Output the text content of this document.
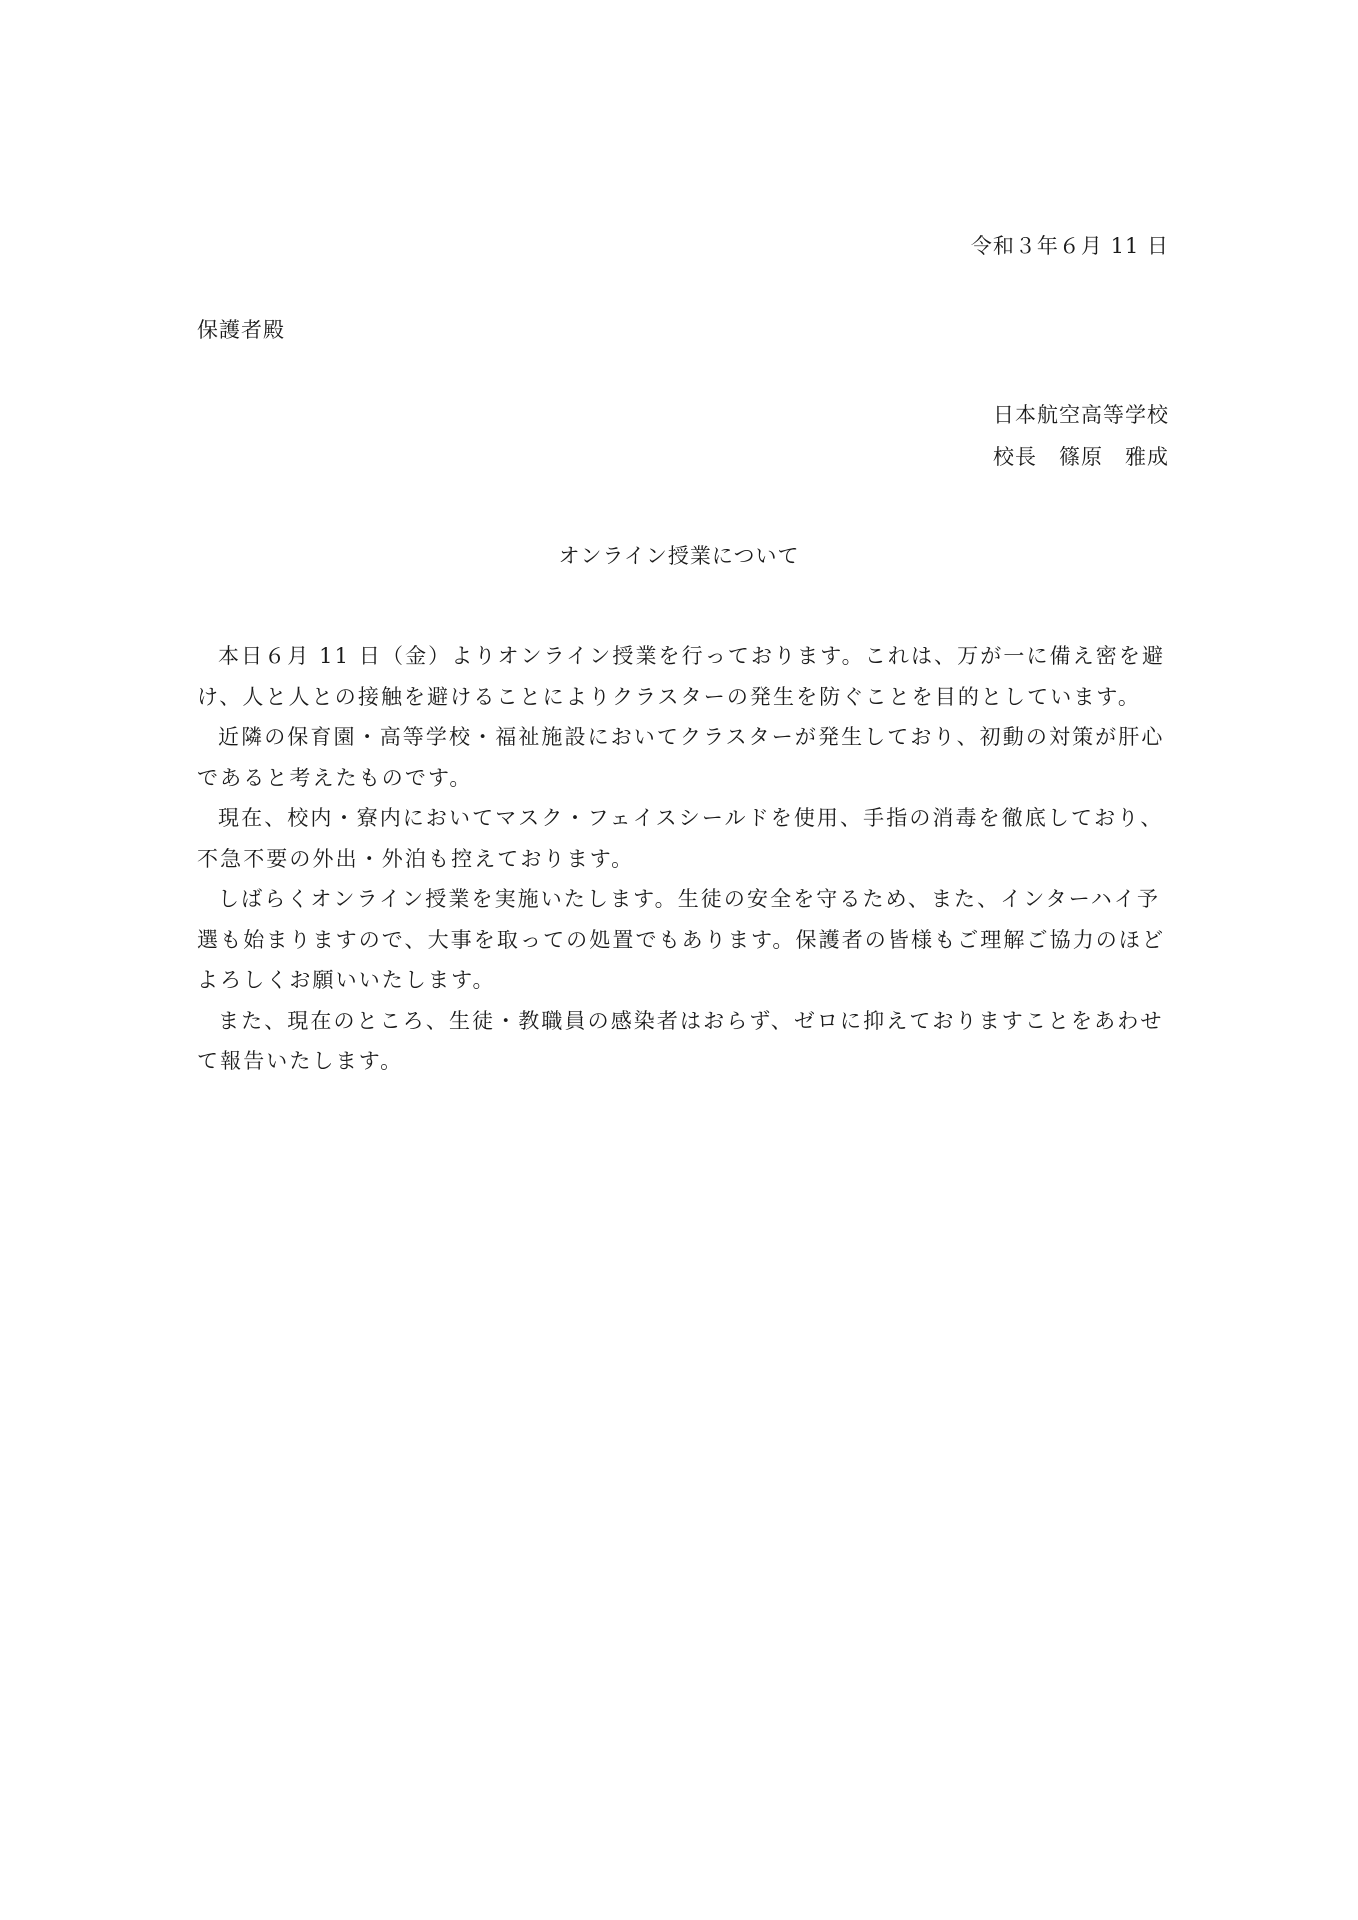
令和３年６月 11 日
保護者殿
日本航空高等学校
校長　篠原　雅成
オンライン授業について

本日６月 11 日（金）よりオンライン授業を行っております。これは、万が一に備え密を避け、人と人との接触を避けることによりクラスターの発生を防ぐことを目的としています。

近隣の保育園・高等学校・福祉施設においてクラスターが発生しており、初動の対策が肝心であると考えたものです。

現在、校内・寮内においてマスク・フェイスシールドを使用、手指の消毒を徹底しており、不急不要の外出・外泊も控えております。

しばらくオンライン授業を実施いたします。生徒の安全を守るため、また、インターハイ予選も始まりますので、大事を取っての処置でもあります。保護者の皆様もご理解ご協力のほどよろしくお願いいたします。

また、現在のところ、生徒・教職員の感染者はおらず、ゼロに抑えておりますことをあわせて報告いたします。
